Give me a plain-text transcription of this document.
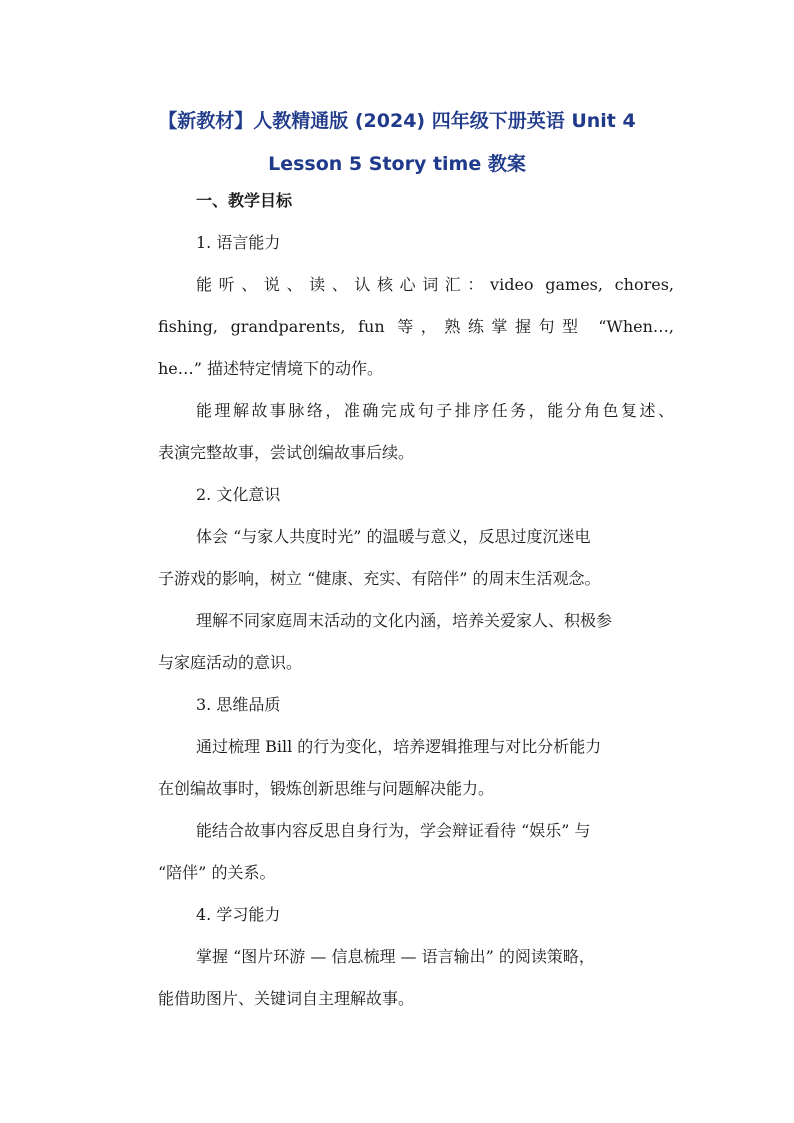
【新教材】人教精通版 (2024) 四年级下册英语 Unit 4
Lesson 5 Story time 教案
一、教学目标
1. 语言能力
能听、说、读、认核心词汇：video games, chores,
fishing, grandparents, fun 等，熟练掌握句型 “When…,
he…” 描述特定情境下的动作。
能理解故事脉络，准确完成句子排序任务，能分角色复述、
表演完整故事，尝试创编故事后续。
2. 文化意识
体会 “与家人共度时光” 的温暖与意义，反思过度沉迷电
子游戏的影响，树立 “健康、充实、有陪伴” 的周末生活观念。
理解不同家庭周末活动的文化内涵，培养关爱家人、积极参
与家庭活动的意识。
3. 思维品质
通过梳理 Bill 的行为变化，培养逻辑推理与对比分析能力
在创编故事时，锻炼创新思维与问题解决能力。
能结合故事内容反思自身行为，学会辩证看待 “娱乐” 与
“陪伴” 的关系。
4. 学习能力
掌握 “图片环游 — 信息梳理 — 语言输出” 的阅读策略，
能借助图片、关键词自主理解故事。
